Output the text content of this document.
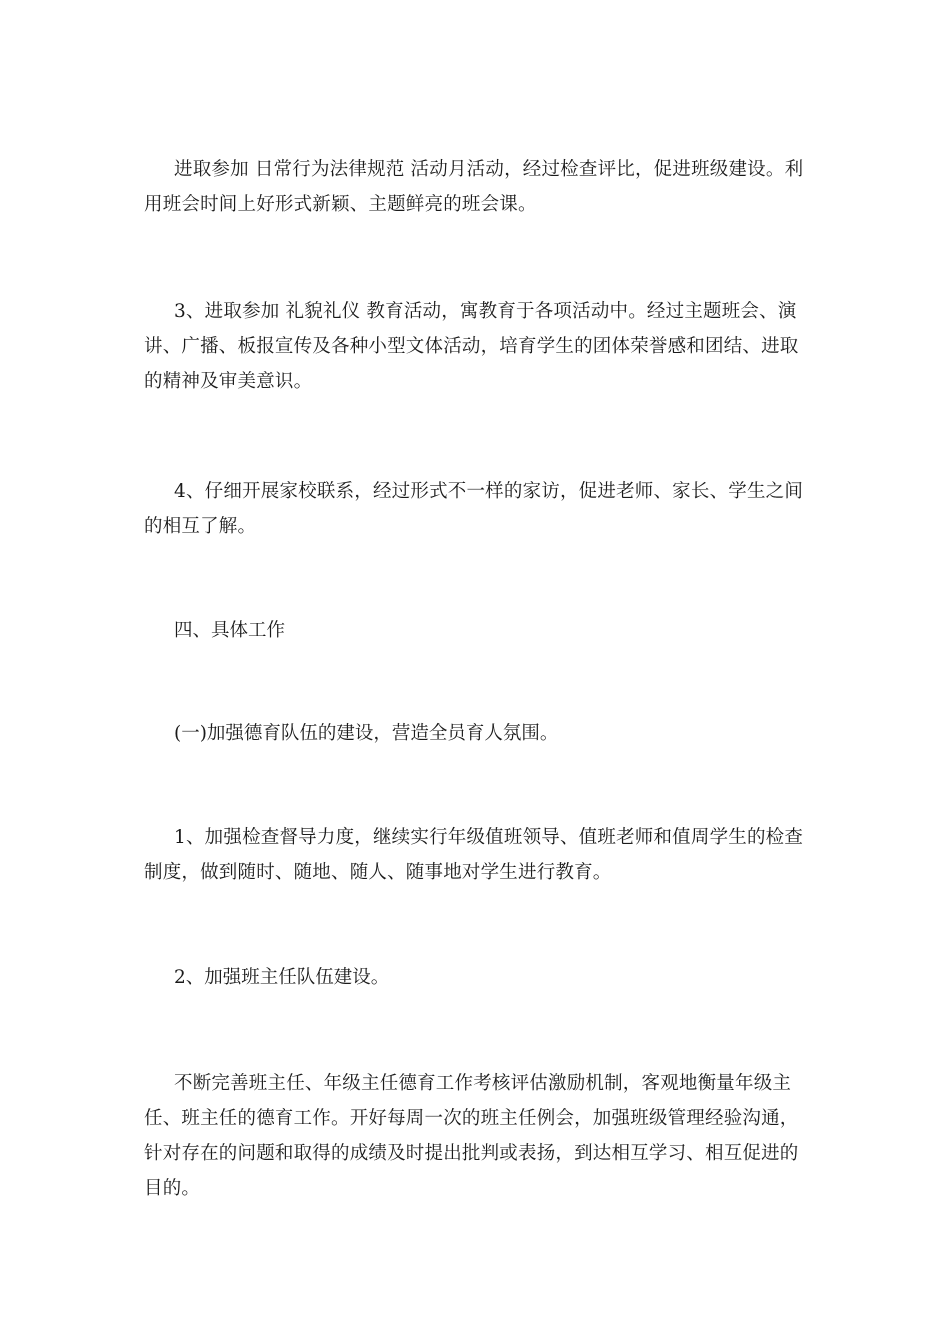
进取参加 日常行为法律规范 活动月活动，经过检查评比，促进班级建设。利用班会时间上好形式新颖、主题鲜亮的班会课。

3、进取参加 礼貌礼仪 教育活动，寓教育于各项活动中。经过主题班会、演讲、广播、板报宣传及各种小型文体活动，培育学生的团体荣誉感和团结、进取的精神及审美意识。

4、仔细开展家校联系，经过形式不一样的家访，促进老师、家长、学生之间的相互了解。

四、具体工作

(一)加强德育队伍的建设，营造全员育人氛围。

1、加强检查督导力度，继续实行年级值班领导、值班老师和值周学生的检查制度，做到随时、随地、随人、随事地对学生进行教育。

2、加强班主任队伍建设。

不断完善班主任、年级主任德育工作考核评估激励机制，客观地衡量年级主任、班主任的德育工作。开好每周一次的班主任例会，加强班级管理经验沟通，针对存在的问题和取得的成绩及时提出批判或表扬，到达相互学习、相互促进的目的。
